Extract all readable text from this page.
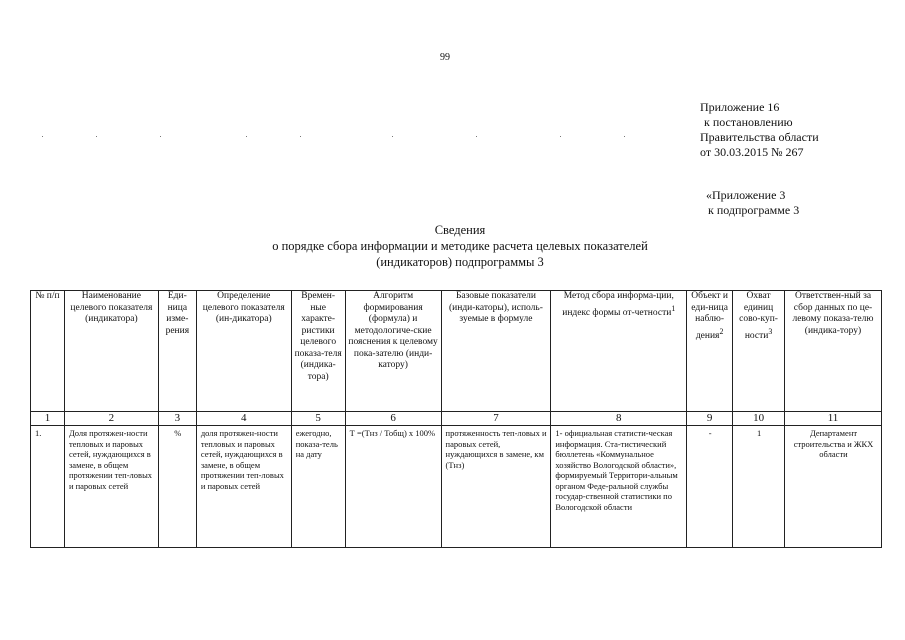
99
Приложение 16
к постановлению
Правительства области
от 30.03.2015 № 267
«Приложение 3
к подпрограмме 3
Сведения
о порядке сбора информации и методике расчета целевых показателей
(индикаторов) подпрограммы 3
№ п/п	Наименование целевого показателя (индикатора)	Еди-ница изме-рения	Определение целевого показателя (ин-дикатора)	Времен-ные характе-ристики целевого показа-теля (индика-тора)	Алгоритм формирования (формула) и методологиче-ские пояснения к целевому пока-зателю (инди-катору)	Базовые показатели (инди-каторы), исполь-зуемые в формуле	Метод сбора информа-ции, индекс формы от-четности$^1$	Объект и еди-ница наблю-дения$^2$	Охват единиц сово-куп-ности$^3$	Ответствен-ный за сбор данных по це-левому показа-телю (индика-тору)
1	2	3	4	5	6	7	8	9	10	11
1.	Доля протяжен-ности тепловых и паровых сетей, нуждающихся в замене, в общем протяжении теп-ловых и паровых сетей	%	доля протяжен-ности тепловых и паровых сетей, нуждающихся в замене, в общем протяжении теп-ловых и паровых сетей	ежегодно, показа-тель на дату	Т =(Тнз / Тобщ) х 100%	протяженность теп-ловых и паровых сетей, нуждающихся в замене, км (Тнз)	1- официальная статисти-ческая информация. Ста-тистический бюллетень «Коммунальное хозяйство Вологодской области», формируемый Территори-альным органом Феде-ральной службы государ-ственной статистики по Вологодской области	-	1	Департамент строительства и ЖКХ области
